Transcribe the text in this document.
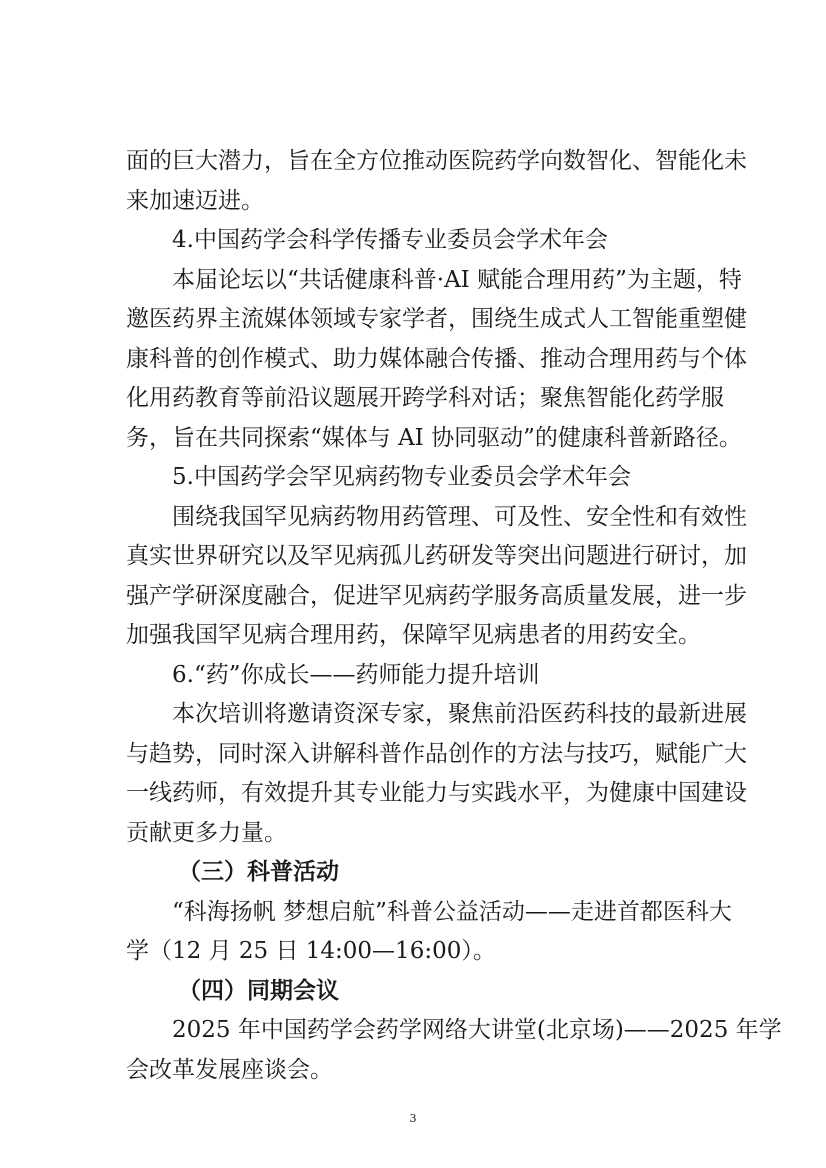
面的巨大潜力，旨在全方位推动医院药学向数智化、智能化未
来加速迈进。
4.中国药学会科学传播专业委员会学术年会
本届论坛以“共话健康科普·AI 赋能合理用药”为主题，特
邀医药界主流媒体领域专家学者，围绕生成式人工智能重塑健
康科普的创作模式、助力媒体融合传播、推动合理用药与个体
化用药教育等前沿议题展开跨学科对话；聚焦智能化药学服
务，旨在共同探索“媒体与 AI 协同驱动”的健康科普新路径。
5.中国药学会罕见病药物专业委员会学术年会
围绕我国罕见病药物用药管理、可及性、安全性和有效性
真实世界研究以及罕见病孤儿药研发等突出问题进行研讨，加
强产学研深度融合，促进罕见病药学服务高质量发展，进一步
加强我国罕见病合理用药，保障罕见病患者的用药安全。
6.“药”你成长——药师能力提升培训
本次培训将邀请资深专家，聚焦前沿医药科技的最新进展
与趋势，同时深入讲解科普作品创作的方法与技巧，赋能广大
一线药师，有效提升其专业能力与实践水平，为健康中国建设
贡献更多力量。
（三）科普活动
“科海扬帆 梦想启航”科普公益活动——走进首都医科大
学（12 月 25 日 14:00—16:00）。
（四）同期会议
2025 年中国药学会药学网络大讲堂(北京场)——2025 年学
会改革发展座谈会。
3
